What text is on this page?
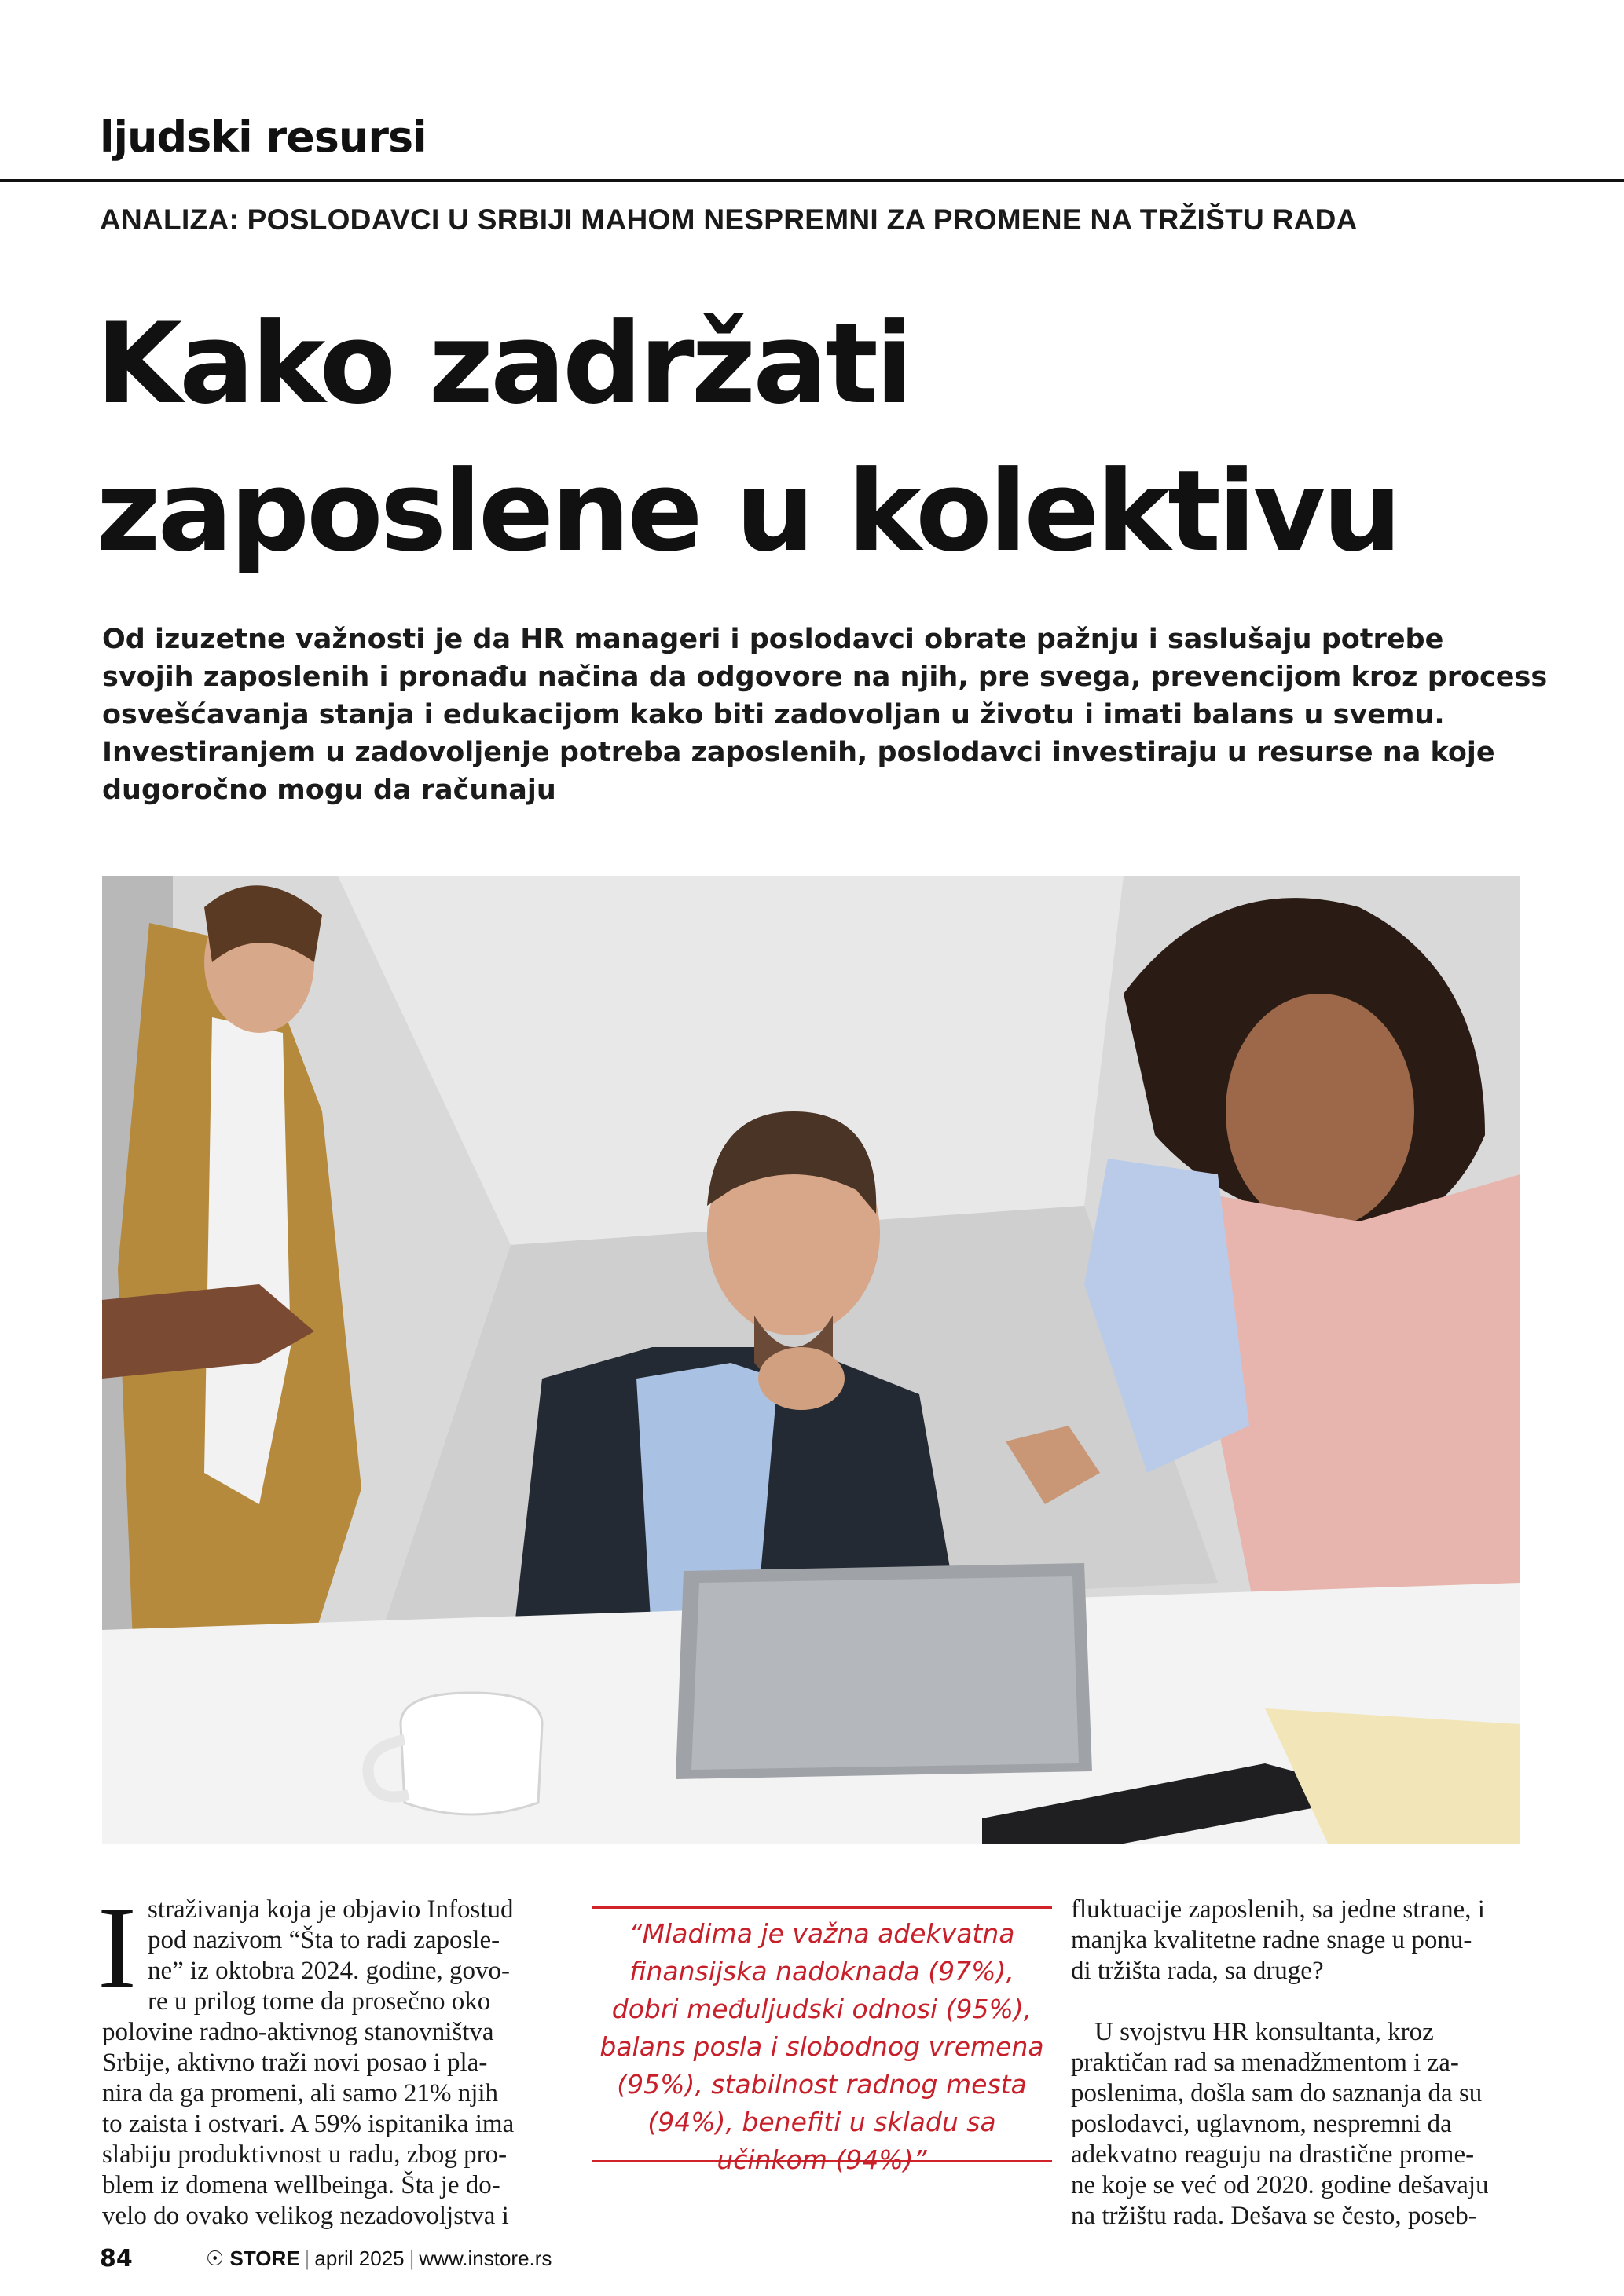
ljudski resursi
ANALIZA: POSLODAVCI U SRBIJI MAHOM NESPREMNI ZA PROMENE NA TRŽIŠTU RADA
Kako zadržati
zaposlene u kolektivu
Od izuzetne važnosti je da HR manageri i poslodavci obrate pažnju i saslušaju potrebe
svojih zaposlenih i pronađu načina da odgovore na njih, pre svega, prevencijom kroz process
osvešćavanja stanja i edukacijom kako biti zadovoljan u životu i imati balans u svemu.
Investiranjem u zadovoljenje potreba zaposlenih, poslodavci investiraju u resurse na koje
dugoročno mogu da računaju
I straživanja koja je objavio Infostud
pod nazivom “Šta to radi zaposle-
ne” iz oktobra 2024. godine, govo-
re u prilog tome da prosečno oko
polovine radno-aktivnog stanovništva
Srbije, aktivno traži novi posao i pla-
nira da ga promeni, ali samo 21% njih
to zaista i ostvari. A 59% ispitanika ima
slabiju produktivnost u radu, zbog pro-
blem iz domena wellbeinga. Šta je do-
velo do ovako velikog nezadovoljstva i
“Mladima je važna adekvatna
finansijska nadoknada (97%),
dobri međuljudski odnosi (95%),
balans posla i slobodnog vremena
(95%), stabilnost radnog mesta
(94%), benefiti u skladu sa
učinkom (94%)”
fluktuacije zaposlenih, sa jedne strane, i
manjka kvalitetne radne snage u ponu-
di tržišta rada, sa druge?
U svojstvu HR konsultanta, kroz
praktičan rad sa menadžmentom i za-
poslenima, došla sam do saznanja da su
poslodavci, uglavnom, nespremni da
adekvatno reaguju na drastične prome-
ne koje se već od 2020. godine dešavaju
na tržištu rada. Dešava se često, poseb-
84	☉ STORE | april 2025 | www.instore.rs
